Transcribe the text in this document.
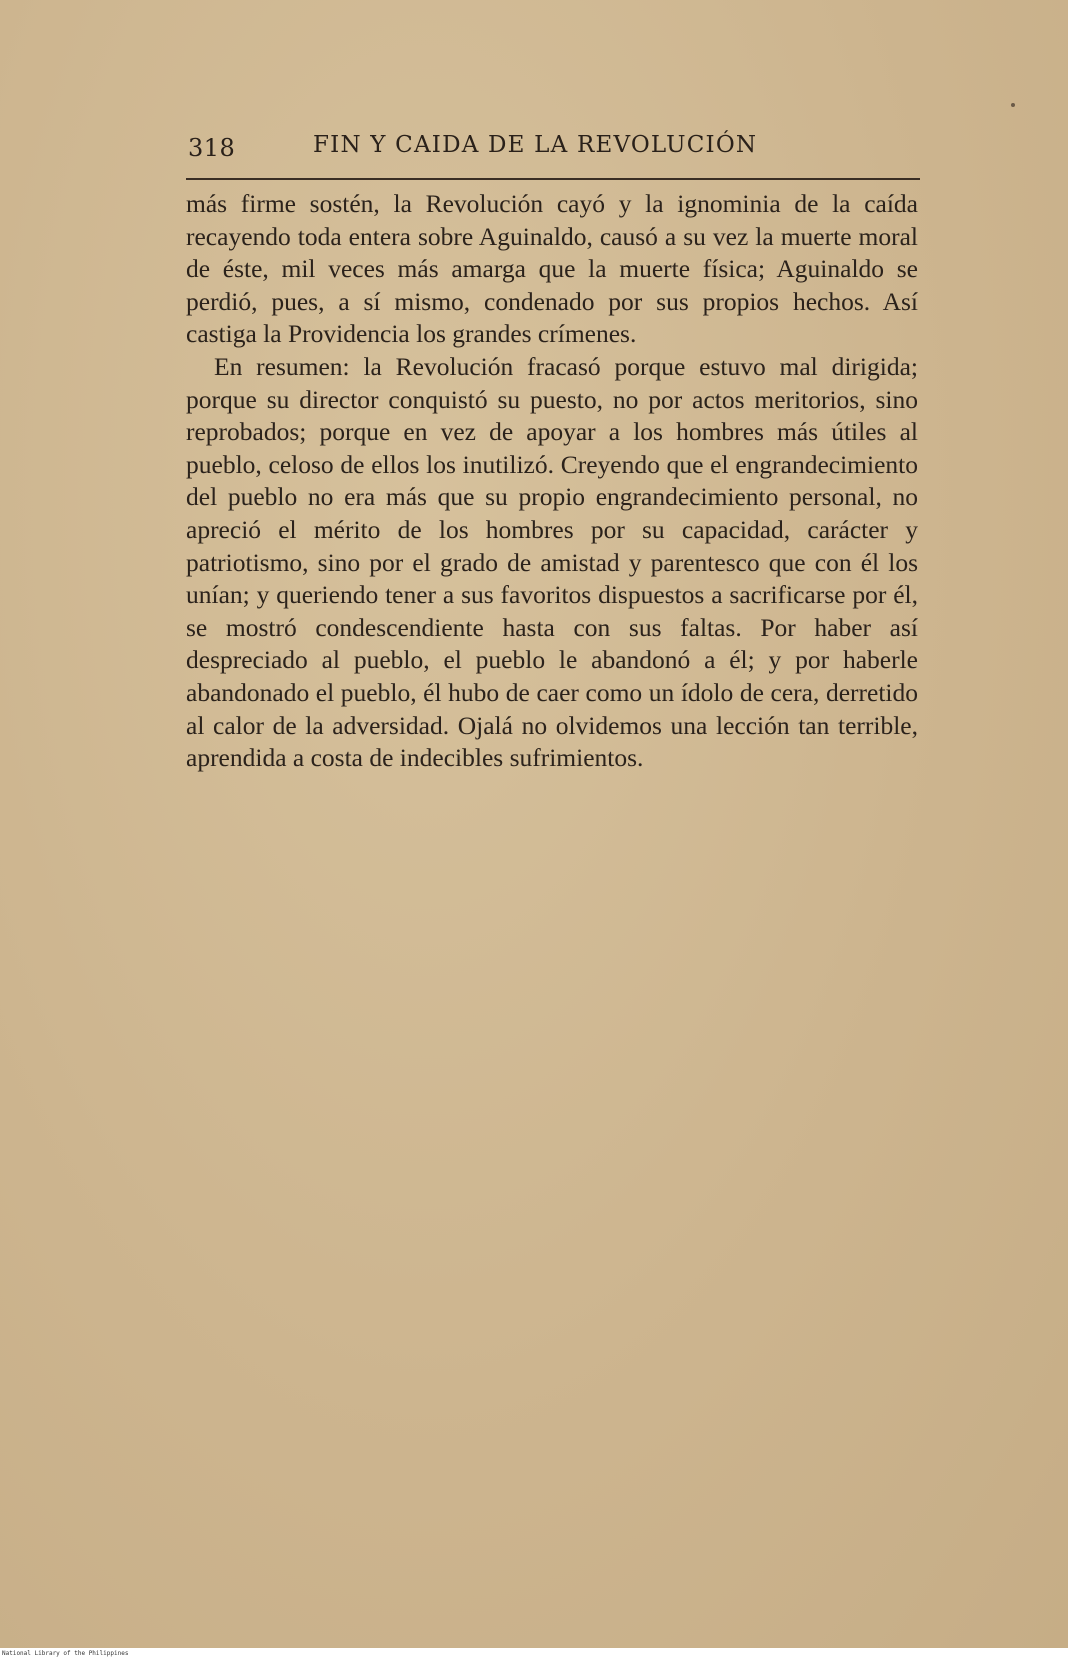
318	FIN Y CAIDA DE LA REVOLUCIÓN

más firme sostén, la Revolución cayó y la ignominia de la caída recayendo toda entera sobre Aguinaldo, causó a su vez la muerte moral de éste, mil veces más amarga que la muerte física; Aguinaldo se perdió, pues, a sí mismo, condenado por sus propios hechos. Así castiga la Providencia los grandes crímenes.

En resumen: la Revolución fracasó porque estuvo mal dirigida; porque su director conquistó su puesto, no por actos meritorios, sino reprobados; porque en vez de apoyar a los hombres más útiles al pueblo, celoso de ellos los inutilizó. Creyendo que el engrandecimiento del pueblo no era más que su propio engrandecimiento personal, no apreció el mérito de los hombres por su capacidad, carácter y patriotismo, sino por el grado de amistad y parentesco que con él los unían; y queriendo tener a sus favoritos dispuestos a sacrificarse por él, se mostró condescendiente hasta con sus faltas. Por haber así despreciado al pueblo, el pueblo le abandonó a él; y por haberle abandonado el pueblo, él hubo de caer como un ídolo de cera, derretido al calor de la adversidad. Ojalá no olvidemos una lección tan terrible, aprendida a costa de indecibles sufrimientos.

National Library of the Philippines
